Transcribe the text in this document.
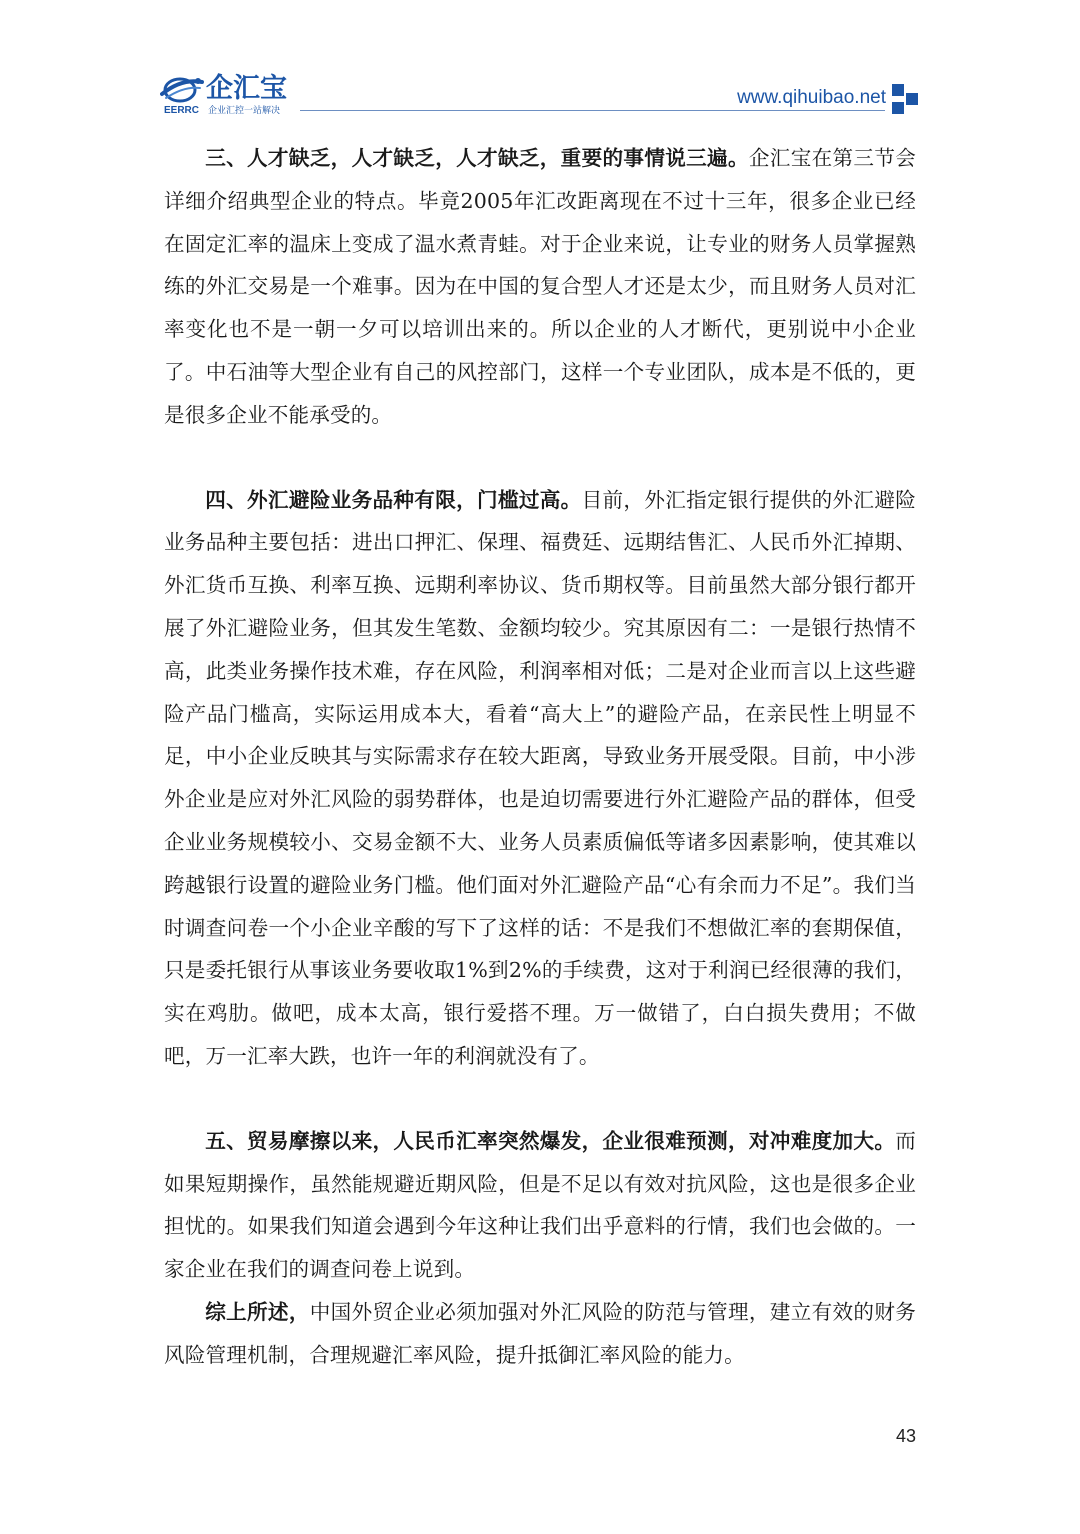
企汇宝
EERRC 企业汇控一站解决
www.qihuibao.net

三、人才缺乏，人才缺乏，人才缺乏，重要的事情说三遍。企汇宝在第三节会详细介绍典型企业的特点。毕竟2005年汇改距离现在不过十三年，很多企业已经在固定汇率的温床上变成了温水煮青蛙。对于企业来说，让专业的财务人员掌握熟练的外汇交易是一个难事。因为在中国的复合型人才还是太少，而且财务人员对汇率变化也不是一朝一夕可以培训出来的。所以企业的人才断代，更别说中小企业了。中石油等大型企业有自己的风控部门，这样一个专业团队，成本是不低的，更是很多企业不能承受的。

四、外汇避险业务品种有限，门槛过高。目前，外汇指定银行提供的外汇避险业务品种主要包括：进出口押汇、保理、福费廷、远期结售汇、人民币外汇掉期、外汇货币互换、利率互换、远期利率协议、货币期权等。目前虽然大部分银行都开展了外汇避险业务，但其发生笔数、金额均较少。究其原因有二：一是银行热情不高，此类业务操作技术难，存在风险，利润率相对低；二是对企业而言以上这些避险产品门槛高，实际运用成本大，看着“高大上”的避险产品，在亲民性上明显不足，中小企业反映其与实际需求存在较大距离，导致业务开展受限。目前，中小涉外企业是应对外汇风险的弱势群体，也是迫切需要进行外汇避险产品的群体，但受企业业务规模较小、交易金额不大、业务人员素质偏低等诸多因素影响，使其难以跨越银行设置的避险业务门槛。他们面对外汇避险产品“心有余而力不足”。我们当时调查问卷一个小企业辛酸的写下了这样的话：不是我们不想做汇率的套期保值，只是委托银行从事该业务要收取1%到2%的手续费，这对于利润已经很薄的我们，实在鸡肋。做吧，成本太高，银行爱搭不理。万一做错了，白白损失费用；不做吧，万一汇率大跌，也许一年的利润就没有了。

五、贸易摩擦以来，人民币汇率突然爆发，企业很难预测，对冲难度加大。而如果短期操作，虽然能规避近期风险，但是不足以有效对抗风险，这也是很多企业担忧的。如果我们知道会遇到今年这种让我们出乎意料的行情，我们也会做的。一家企业在我们的调查问卷上说到。

综上所述，中国外贸企业必须加强对外汇风险的防范与管理，建立有效的财务风险管理机制，合理规避汇率风险，提升抵御汇率风险的能力。

43
